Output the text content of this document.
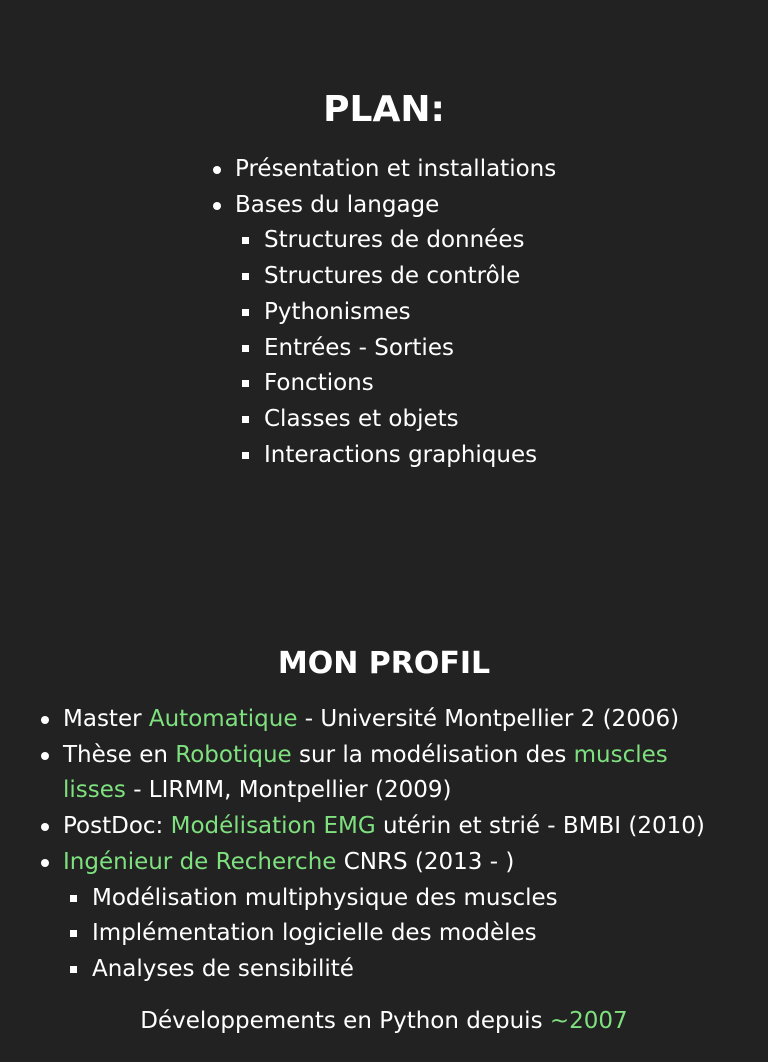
PLAN:
Présentation et installations
Bases du langage
Structures de données
Structures de contrôle
Pythonismes
Entrées - Sorties
Fonctions
Classes et objets
Interactions graphiques
MON PROFIL
Master Automatique - Université Montpellier 2 (2006)
Thèse en Robotique sur la modélisation des muscles lisses - LIRMM, Montpellier (2009)
PostDoc: Modélisation EMG utérin et strié - BMBI (2010)
Ingénieur de Recherche CNRS (2013 - )
Modélisation multiphysique des muscles
Implémentation logicielle des modèles
Analyses de sensibilité

Développements en Python depuis ~2007
